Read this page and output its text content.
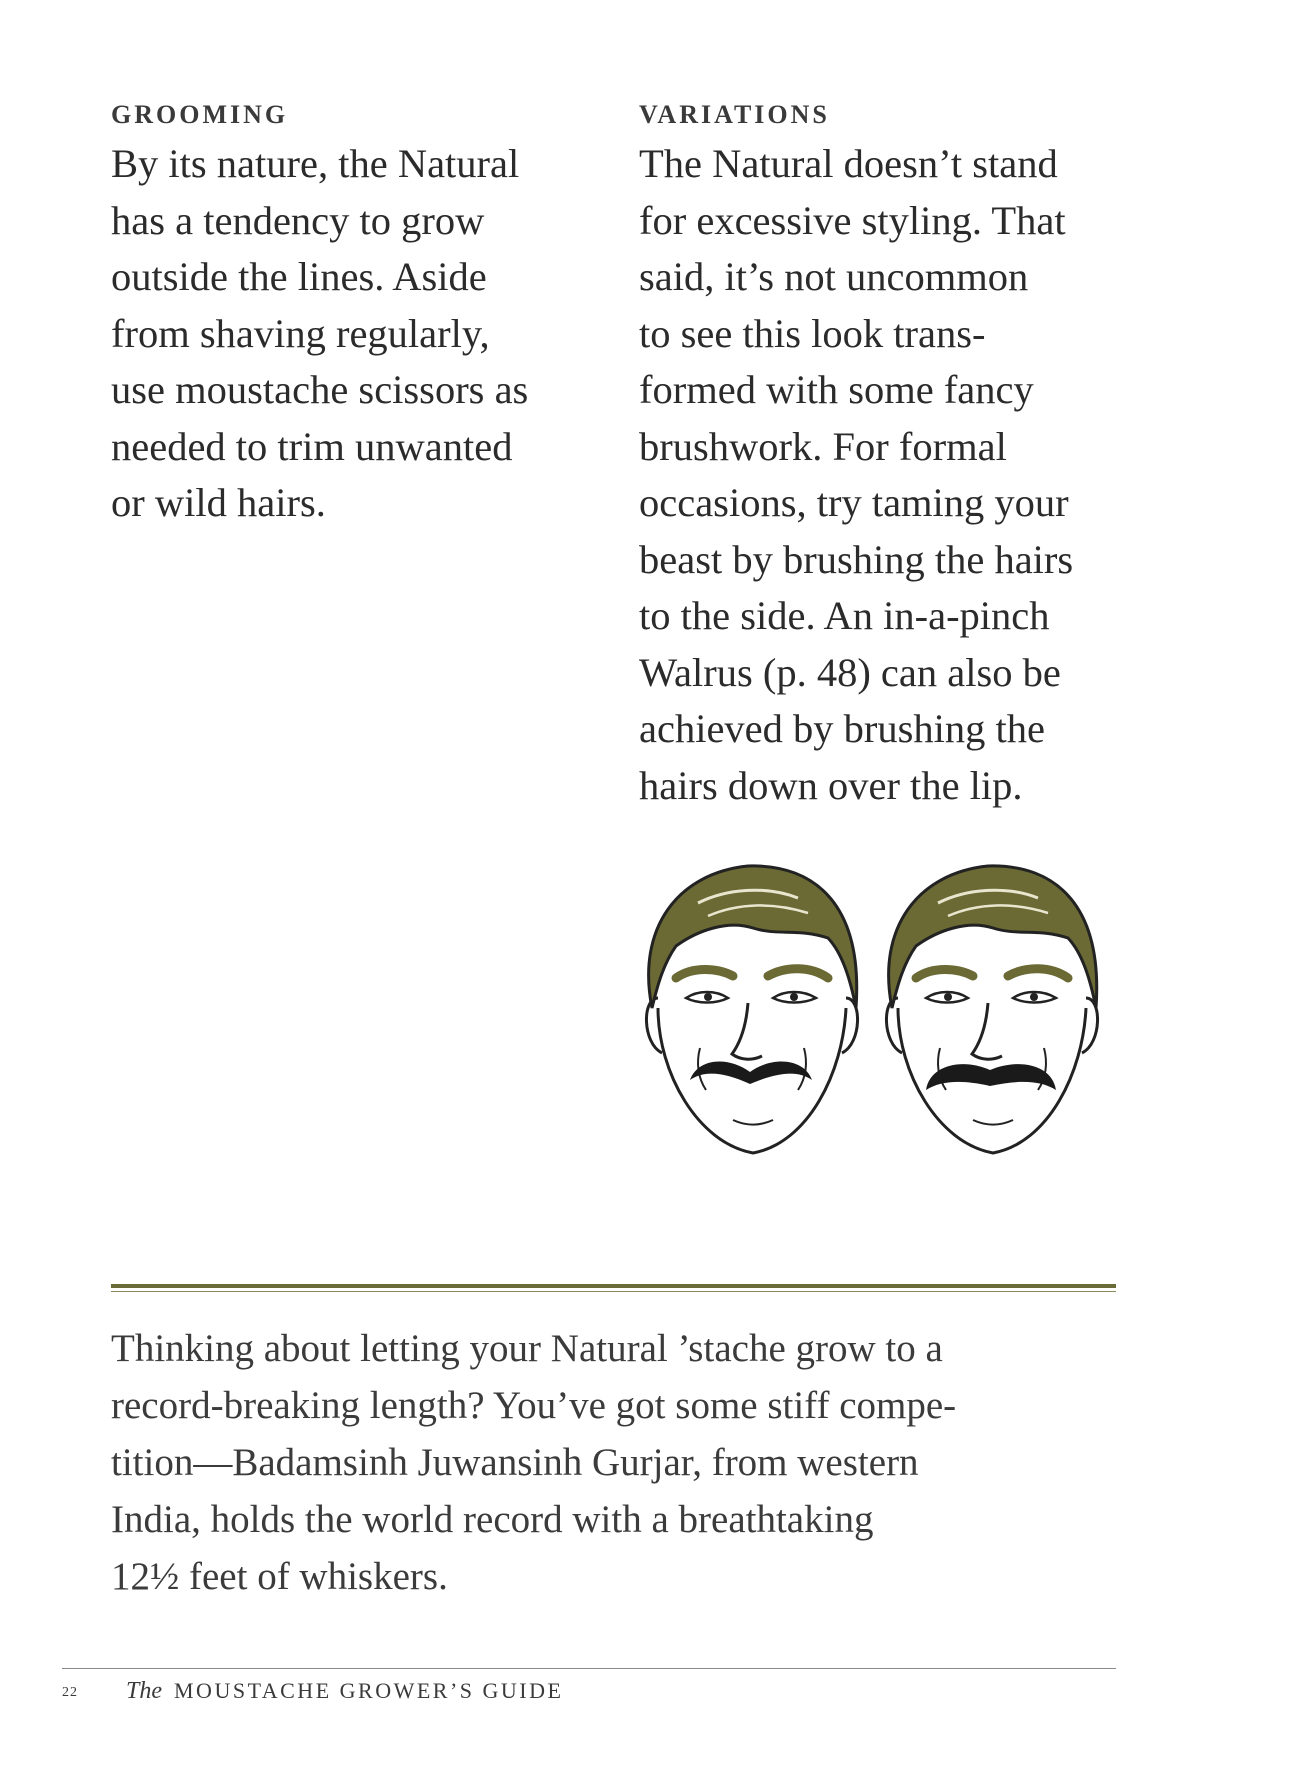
GROOMING
By its nature, the Natural
has a tendency to grow
outside the lines. Aside
from shaving regularly,
use moustache scissors as
needed to trim unwanted
or wild hairs.
VARIATIONS
The Natural doesn’t stand
for excessive styling. That
said, it’s not uncommon
to see this look trans-
formed with some fancy
brushwork. For formal
occasions, try taming your
beast by brushing the hairs
to the side. An in-a-pinch
Walrus (p. 48) can also be
achieved by brushing the
hairs down over the lip.
Thinking about letting your Natural ’stache grow to a
record-breaking length? You’ve got some stiff compe-
tition—Badamsinh Juwansinh Gurjar, from western
India, holds the world record with a breathtaking
12½ feet of whiskers.
22 The MOUSTACHE GROWER’S GUIDE
